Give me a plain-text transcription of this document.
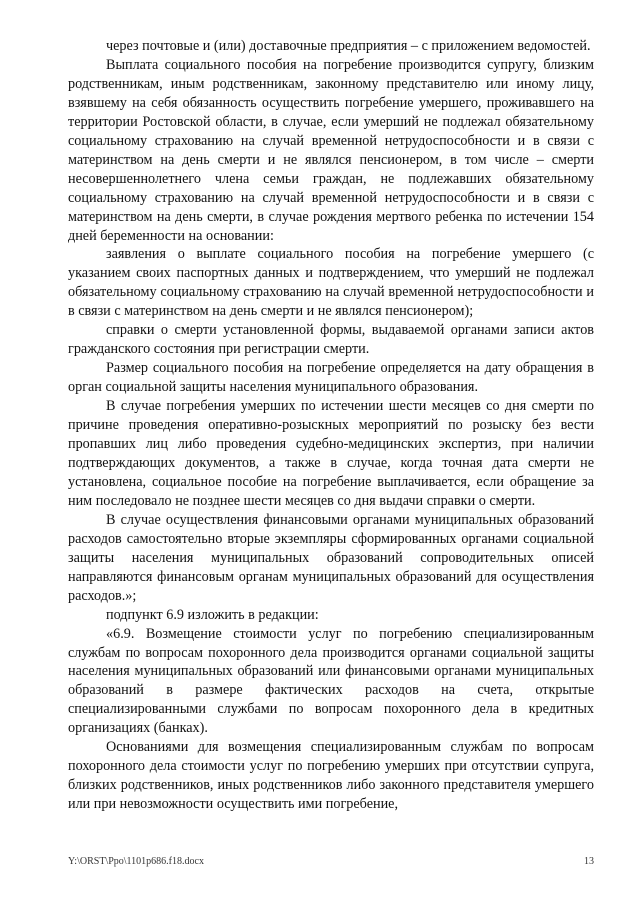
через почтовые и (или) доставочные предприятия – с приложением ведомостей.

Выплата социального пособия на погребение производится супругу, близким родственникам, иным родственникам, законному представителю или иному лицу, взявшему на себя обязанность осуществить погребение умершего, проживавшего на территории Ростовской области, в случае, если умерший не подлежал обязательному социальному страхованию на случай временной нетрудоспособности и в связи с материнством на день смерти и не являлся пенсионером, в том числе – смерти несовершеннолетнего члена семьи граждан, не подлежавших обязательному социальному страхованию на случай временной нетрудоспособности и в связи с материнством на день смерти, в случае рождения мертвого ребенка по истечении 154 дней беременности на основании:

заявления о выплате социального пособия на погребение умершего (с указанием своих паспортных данных и подтверждением, что умерший не подлежал обязательному социальному страхованию на случай временной нетрудоспособности и в связи с материнством на день смерти и не являлся пенсионером);

справки о смерти установленной формы, выдаваемой органами записи актов гражданского состояния при регистрации смерти.

Размер социального пособия на погребение определяется на дату обращения в орган социальной защиты населения муниципального образования.

В случае погребения умерших по истечении шести месяцев со дня смерти по причине проведения оперативно-розыскных мероприятий по розыску без вести пропавших лиц либо проведения судебно-медицинских экспертиз, при наличии подтверждающих документов, а также в случае, когда точная дата смерти не установлена, социальное пособие на погребение выплачивается, если обращение за ним последовало не позднее шести месяцев со дня выдачи справки о смерти.

В случае осуществления финансовыми органами муниципальных образований расходов самостоятельно вторые экземпляры сформированных органами социальной защиты населения муниципальных образований сопроводительных описей направляются финансовым органам муниципальных образований для осуществления расходов.»;

подпункт 6.9 изложить в редакции:

«6.9. Возмещение стоимости услуг по погребению специализированным службам по вопросам похоронного дела производится органами социальной защиты населения муниципальных образований или финансовыми органами муниципальных образований в размере фактических расходов на счета, открытые специализированными службами по вопросам похоронного дела в кредитных организациях (банках).

Основаниями для возмещения специализированным службам по вопросам похоронного дела стоимости услуг по погребению умерших при отсутствии супруга, близких родственников, иных родственников либо законного представителя умершего или при невозможности осуществить ими погребение,

Y:\ORST\Ppo\1101p686.f18.docx	13
